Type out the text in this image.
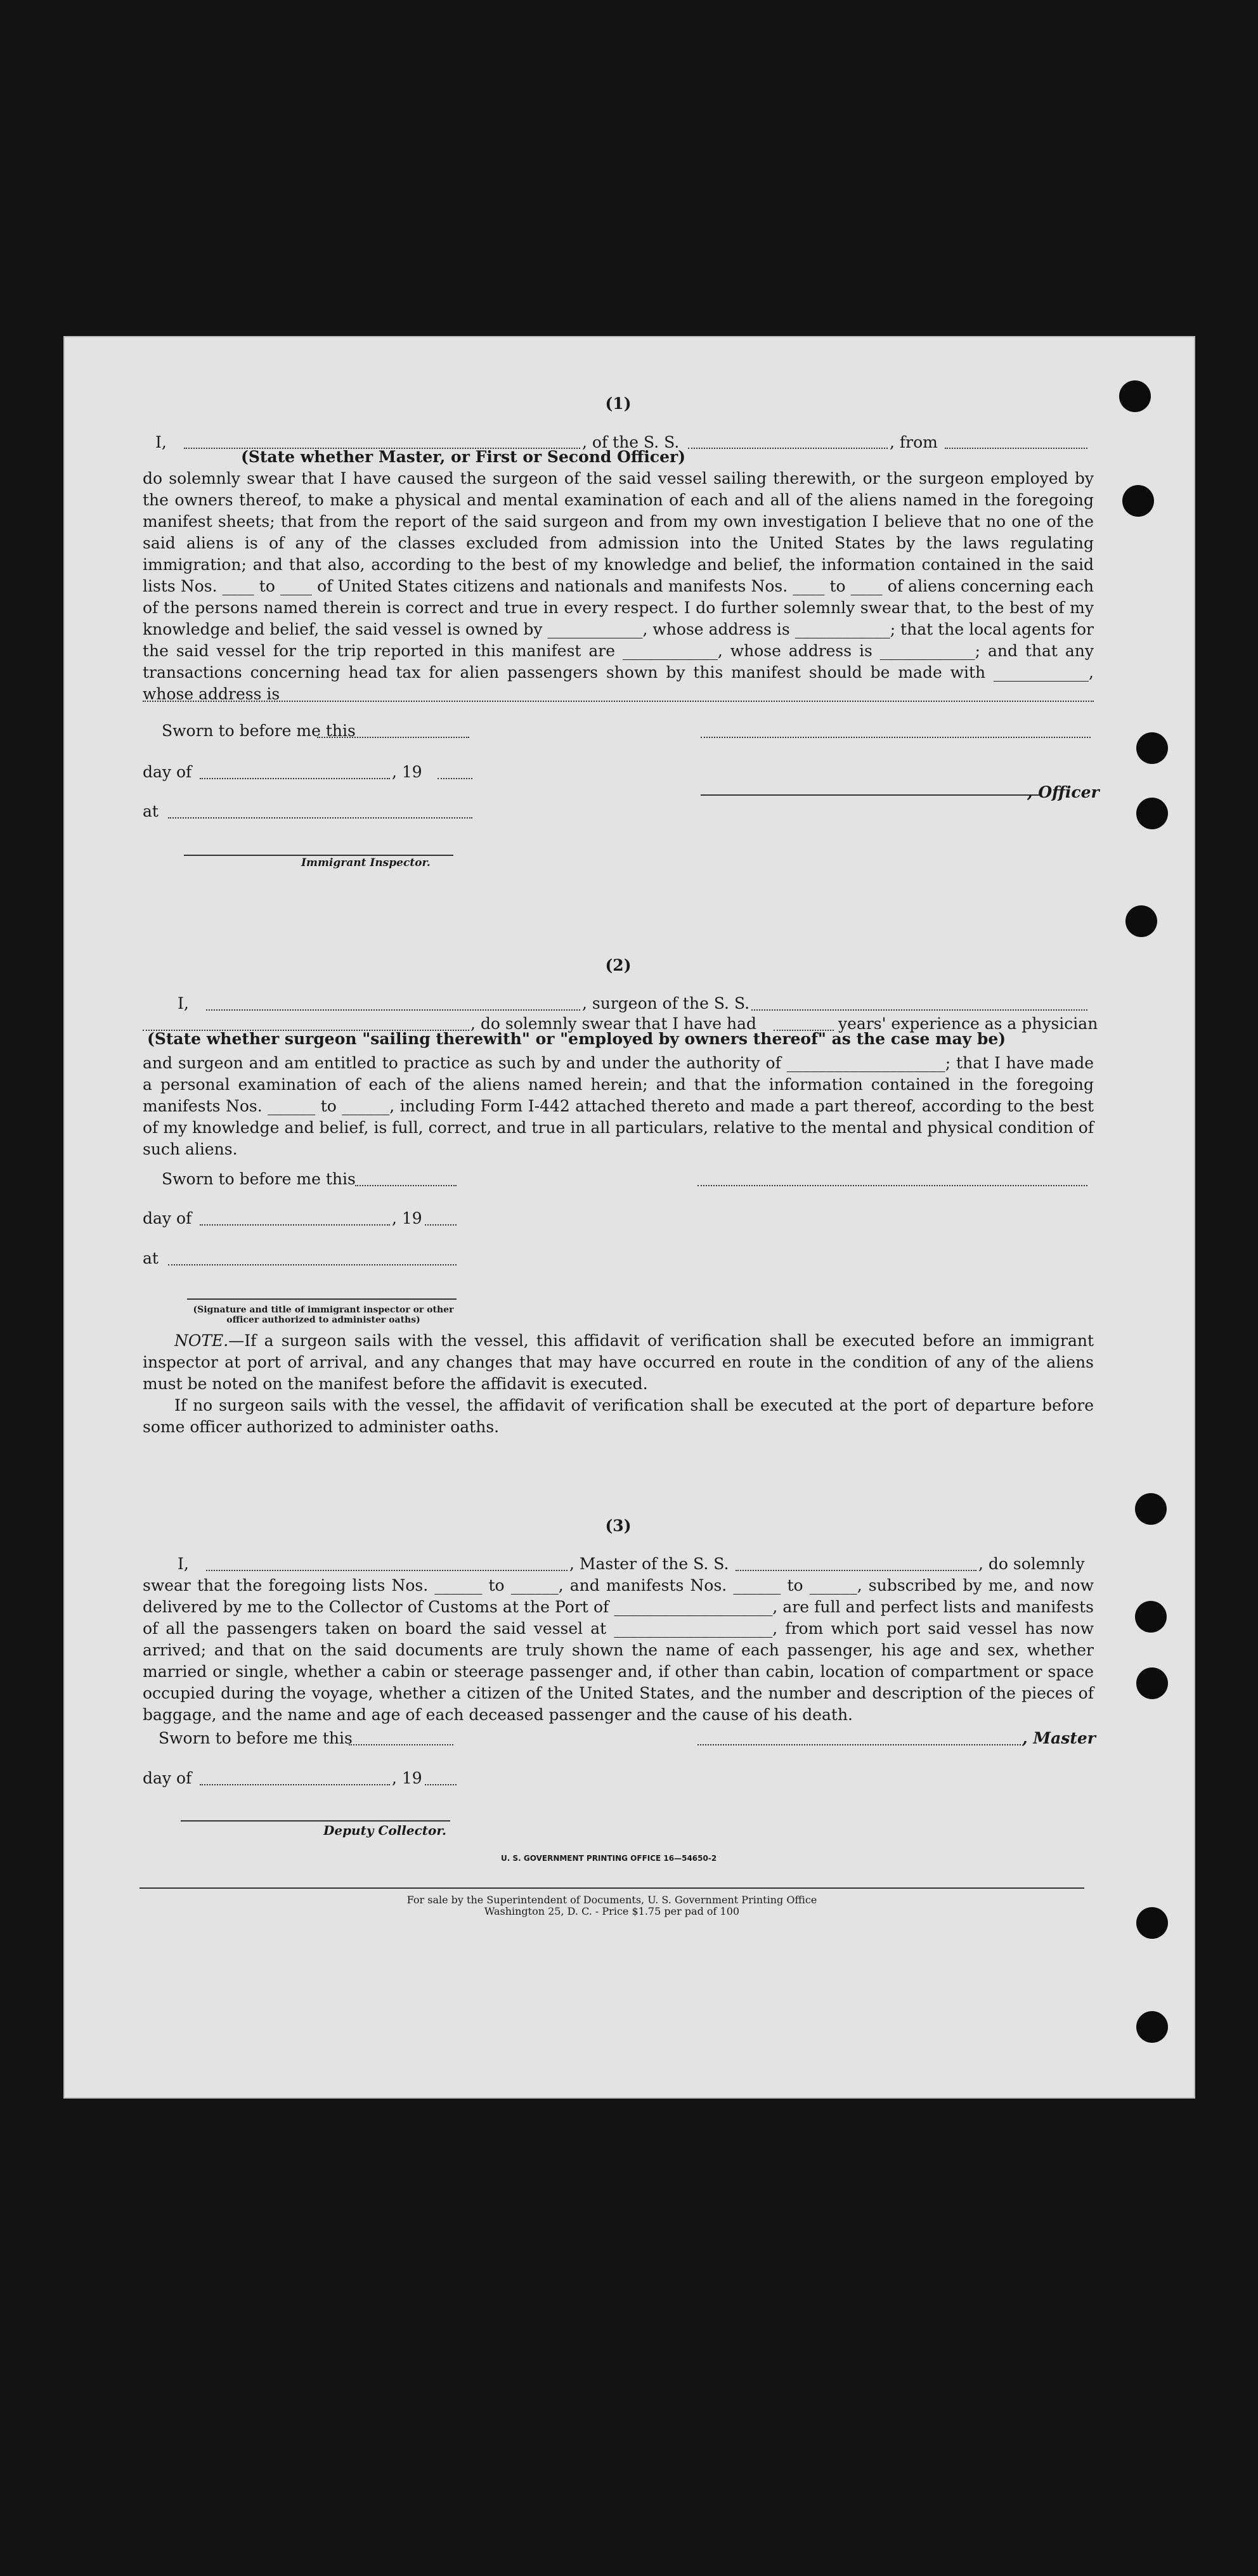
(1)
I,	, of the S. S.	, from
(State whether Master, or First or Second Officer)

do solemnly swear that I have caused the surgeon of the said vessel sailing therewith, or the surgeon employed by the owners thereof, to make a physical and mental examination of each and all of the aliens named in the foregoing manifest sheets; that from the report of the said surgeon and from my own investigation I believe that no one of the said aliens is of any of the classes excluded from admission into the United States by the laws regulating immigration; and that also, according to the best of my knowledge and belief, the information contained in the said lists Nos. ____ to ____ of United States citizens and nationals and manifests Nos. ____ to ____ of aliens concerning each of the persons named therein is correct and true in every respect. I do further solemnly swear that, to the best of my knowledge and belief, the said vessel is owned by ____________, whose address is ____________; that the local agents for the said vessel for the trip reported in this manifest are ____________, whose address is ____________; and that any transactions concerning head tax for alien passengers shown by this manifest should be made with ____________, whose address is

Sworn to before me this
day of	, 19
, Officer
at
Immigrant Inspector.
(2)
I,	, surgeon of the S. S.
, do solemnly swear that I have had	years' experience as a physician
(State whether surgeon "sailing therewith" or "employed by owners thereof" as the case may be)

and surgeon and am entitled to practice as such by and under the authority of ____________________; that I have made a personal examination of each of the aliens named herein; and that the information contained in the foregoing manifests Nos. ______ to ______, including Form I-442 attached thereto and made a part thereof, according to the best of my knowledge and belief, is full, correct, and true in all particulars, relative to the mental and physical condition of such aliens.

Sworn to before me this
day of	, 19
at
(Signature and title of immigrant inspector or other officer authorized to administer oaths)

NOTE.—If a surgeon sails with the vessel, this affidavit of verification shall be executed before an immigrant inspector at port of arrival, and any changes that may have occurred en route in the condition of any of the aliens must be noted on the manifest before the affidavit is executed.

If no surgeon sails with the vessel, the affidavit of verification shall be executed at the port of departure before some officer authorized to administer oaths.

(3)
I,	, Master of the S. S.	, do solemnly

swear that the foregoing lists Nos. ______ to ______, and manifests Nos. ______ to ______, subscribed by me, and now delivered by me to the Collector of Customs at the Port of ____________________, are full and perfect lists and manifests of all the passengers taken on board the said vessel at ____________________, from which port said vessel has now arrived; and that on the said documents are truly shown the name of each passenger, his age and sex, whether married or single, whether a cabin or steerage passenger and, if other than cabin, location of compartment or space occupied during the voyage, whether a citizen of the United States, and the number and description of the pieces of baggage, and the name and age of each deceased passenger and the cause of his death.

Sworn to before me this	, Master
day of	, 19
Deputy Collector.
U. S. GOVERNMENT PRINTING OFFICE 16—54650-2
For sale by the Superintendent of Documents, U. S. Government Printing Office
Washington 25, D. C. - Price $1.75 per pad of 100
